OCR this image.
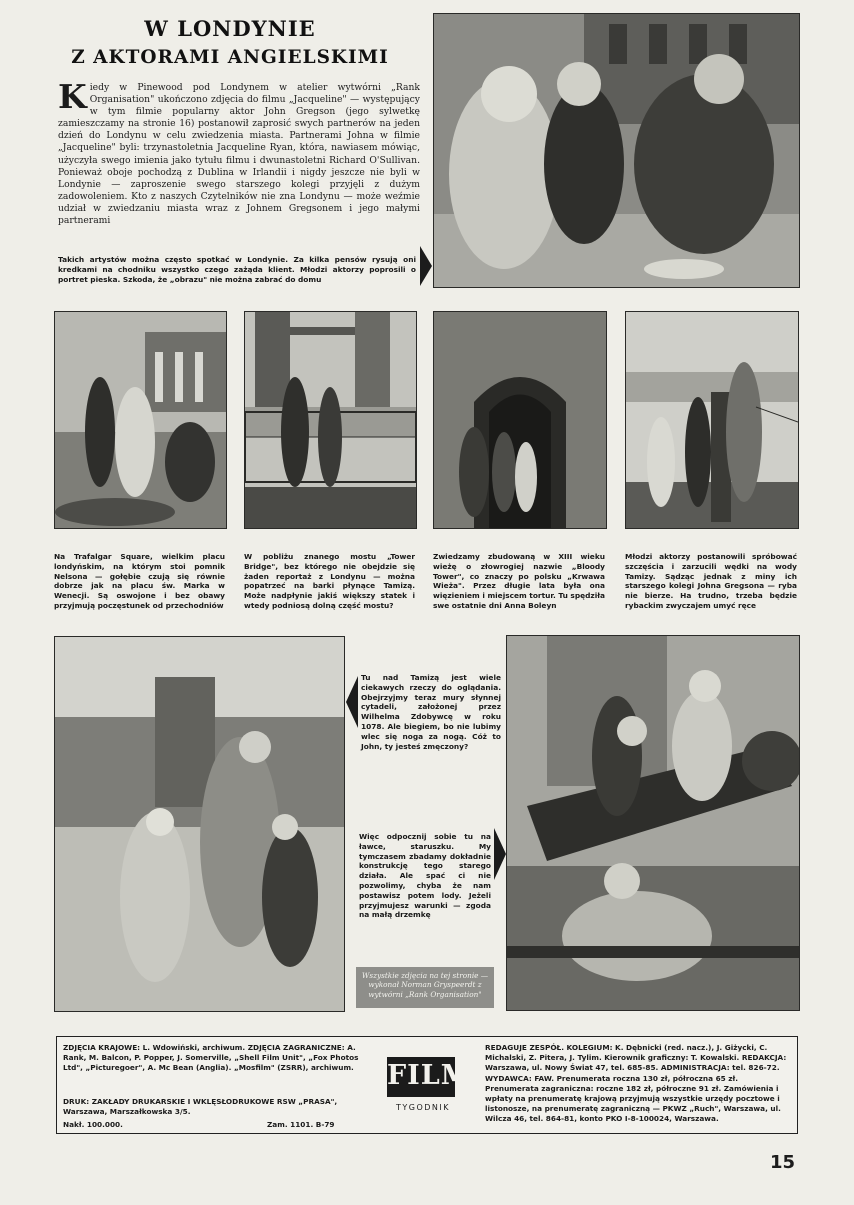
W LONDYNIE
Z AKTORAMI ANGIELSKIMI
Kiedy w Pinewood pod Londynem w atelier wytwórni „Rank Organisation" ukończono zdjęcia do filmu „Jacqueline" — występujący w tym filmie popularny aktor John Gregson (jego sylwetkę zamieszczamy na stronie 16) postanowił zaprosić swych partnerów na jeden dzień do Londynu w celu zwiedzenia miasta. Partnerami Johna w filmie „Jacqueline" byli: trzynastoletnia Jacqueline Ryan, która, nawiasem mówiąc, użyczyła swego imienia jako tytułu filmu i dwunastoletni Richard O'Sullivan. Ponieważ oboje pochodzą z Dublina w Irlandii i nigdy jeszcze nie byli w Londynie — zaproszenie swego starszego kolegi przyjęli z dużym zadowoleniem. Kto z naszych Czytelników nie zna Londynu — może weźmie udział w zwiedzaniu miasta wraz z Johnem Gregsonem i jego małymi partnerami
Takich artystów można często spotkać w Londynie. Za kilka pensów rysują oni kredkami na chodniku wszystko czego zażąda klient. Młodzi aktorzy poprosili o portret pieska. Szkoda, że „obrazu" nie można zabrać do domu
Na Trafalgar Square, wielkim placu londyńskim, na którym stoi pomnik Nelsona — gołębie czują się równie dobrze jak na placu św. Marka w Wenecji. Są oswojone i bez obawy przyjmują poczęstunek od przechodniów
W pobliżu znanego mostu „Tower Bridge", bez którego nie obejdzie się żaden reportaż z Londynu — można popatrzeć na barki płynące Tamizą. Może nadpłynie jakiś większy statek i wtedy podniosą dolną część mostu?
Zwiedzamy zbudowaną w XIII wieku wieżę o złowrogiej nazwie „Bloody Tower", co znaczy po polsku „Krwawa Wieża". Przez długie lata była ona więzieniem i miejscem tortur. Tu spędziła swe ostatnie dni Anna Boleyn
Młodzi aktorzy postanowili spróbować szczęścia i zarzucili wędki na wody Tamizy. Sądząc jednak z miny ich starszego kolegi Johna Gregsona — ryba nie bierze. Ha trudno, trzeba będzie rybackim zwyczajem umyć ręce
Tu nad Tamizą jest wiele ciekawych rzeczy do oglądania. Obejrzyjmy teraz mury słynnej cytadeli, założonej przez Wilhelma Zdobywcę w roku 1078. Ale biegiem, bo nie lubimy wlec się noga za nogą. Cóż to John, ty jesteś zmęczony?
Więc odpocznij sobie tu na ławce, staruszku. My tymczasem zbadamy dokładnie konstrukcję tego starego działa. Ale spać ci nie pozwolimy, chyba że nam postawisz potem lody. Jeżeli przyjmujesz warunki — zgoda na małą drzemkę
Wszystkie zdjęcia na tej stronie — wykonał Norman Gryspeerdt z wytwórni „Rank Organisation"
ZDJĘCIA KRAJOWE: L. Wdowiński, archiwum. ZDJĘCIA ZAGRANICZNE: A. Rank, M. Balcon, P. Popper, J. Somerville, „Shell Film Unit", „Fox Photos Ltd", „Picturegoer", A. Mc Bean (Anglia). „Mosfilm" (ZSRR), archiwum.
DRUK: ZAKŁADY DRUKARSKIE I WKLĘSŁODRUKOWE RSW „PRASA", Warszawa, Marszałkowska 3/5.
Nakł. 100.000.	Zam. 1101. B-79
FILM
TYGODNIK
REDAGUJE ZESPÓŁ. KOLEGIUM: K. Dębnicki (red. nacz.), J. Giżycki, C. Michalski, Z. Pitera, J. Tylim. Kierownik graficzny: T. Kowalski. REDAKCJA: Warszawa, ul. Nowy Świat 47, tel. 685-85. ADMINISTRACJA: tel. 826-72. WYDAWCA: FAW. Prenumerata roczna 130 zł, półroczna 65 zł. Prenumerata zagraniczna: roczne 182 zł, półroczne 91 zł. Zamówienia i wpłaty na prenumeratę krajową przyjmują wszystkie urzędy pocztowe i listonosze, na prenumeratę zagraniczną — PKWZ „Ruch", Warszawa, ul. Wilcza 46, tel. 864-81, konto PKO I-8-100024, Warszawa.
15
